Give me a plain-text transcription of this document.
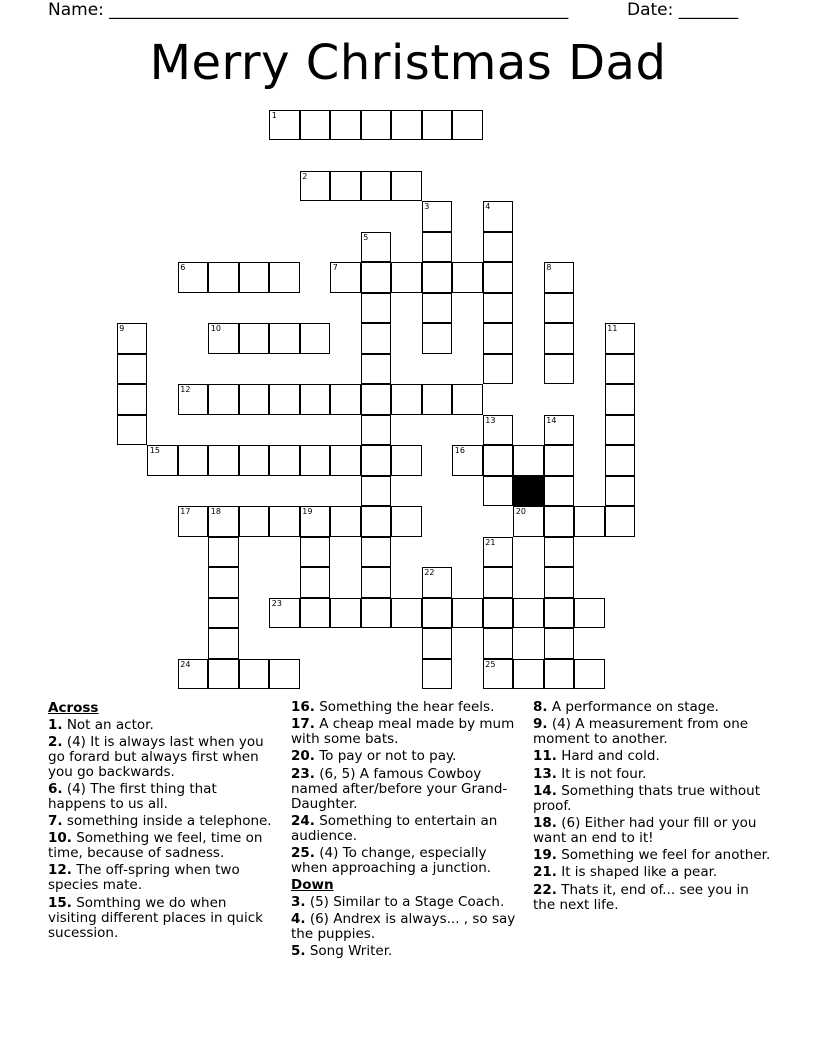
Name: ______________________________________________________	Date: _______
Merry Christmas Dad
1
2
6	7
10
12
15	16
17	18	19	20
23
24	25
3	4
5
8
9	11
13	14
21
22
Across
1. Not an actor.
2. (4) It is always last when you go forard but always first when you go backwards.
6. (4) The first thing that happens to us all.
7. something inside a telephone.
10. Something we feel, time on time, because of sadness.
12. The off-spring when two species mate.
15. Somthing we do when visiting different places in quick sucession.
16. Something the hear feels.
17. A cheap meal made by mum with some bats.
20. To pay or not to pay.
23. (6, 5) A famous Cowboy named after/before your Grand-Daughter.
24. Something to entertain an audience.
25. (4) To change, especially when approaching a junction.
Down
3. (5) Similar to a Stage Coach.
4. (6) Andrex is always... , so say the puppies.
5. Song Writer.
8. A performance on stage.
9. (4) A measurement from one moment to another.
11. Hard and cold.
13. It is not four.
14. Something thats true without proof.
18. (6) Either had your fill or you want an end to it!
19. Something we feel for another.
21. It is shaped like a pear.
22. Thats it, end of... see you in the next life.
